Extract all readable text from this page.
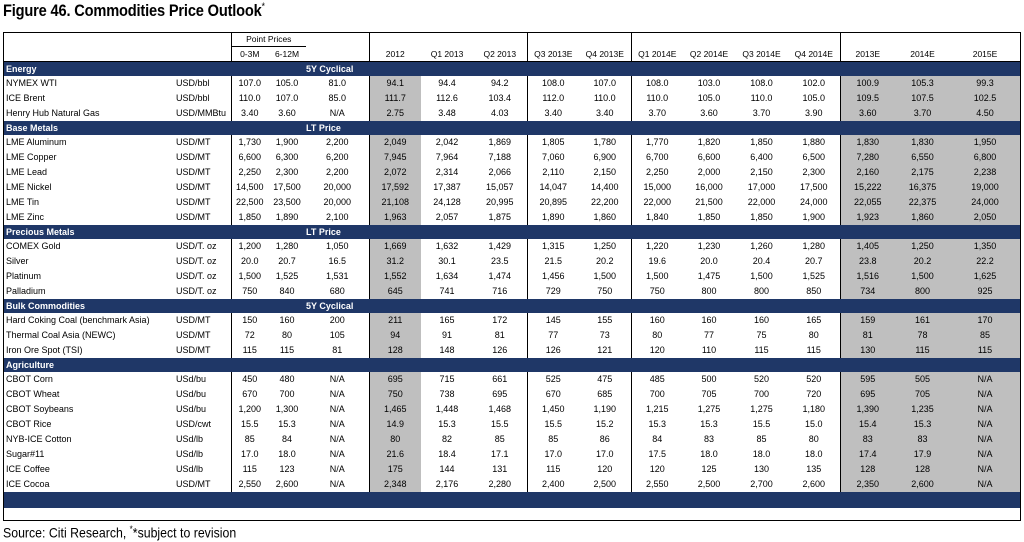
Figure 46. Commodities Price Outlook*
		Point Prices														
		0-3M	6-12M		2012	Q1 2013	Q2 2013	Q3 2013E	Q4 2013E	Q1 2014E	Q2 2014E	Q3 2014E	Q4 2014E	2013E	2014E	2015E
Energy				5Y Cyclical												
NYMEX WTI	USD/bbl	107.0	105.0	81.0	94.1	94.4	94.2	108.0	107.0	108.0	103.0	108.0	102.0	100.9	105.3	99.3
ICE Brent	USD/bbl	110.0	107.0	85.0	111.7	112.6	103.4	112.0	110.0	110.0	105.0	110.0	105.0	109.5	107.5	102.5
Henry Hub Natural Gas	USD/MMBtu	3.40	3.60	N/A	2.75	3.48	4.03	3.40	3.40	3.70	3.60	3.70	3.90	3.60	3.70	4.50
Base Metals				LT Price												
LME Aluminum	USD/MT	1,730	1,900	2,200	2,049	2,042	1,869	1,805	1,780	1,770	1,820	1,850	1,880	1,830	1,830	1,950
LME Copper	USD/MT	6,600	6,300	6,200	7,945	7,964	7,188	7,060	6,900	6,700	6,600	6,400	6,500	7,280	6,550	6,800
LME Lead	USD/MT	2,250	2,300	2,200	2,072	2,314	2,066	2,110	2,150	2,250	2,000	2,150	2,300	2,160	2,175	2,238
LME Nickel	USD/MT	14,500	17,500	20,000	17,592	17,387	15,057	14,047	14,400	15,000	16,000	17,000	17,500	15,222	16,375	19,000
LME Tin	USD/MT	22,500	23,500	20,000	21,108	24,128	20,995	20,895	22,200	22,000	21,500	22,000	24,000	22,055	22,375	24,000
LME Zinc	USD/MT	1,850	1,890	2,100	1,963	2,057	1,875	1,890	1,860	1,840	1,850	1,850	1,900	1,923	1,860	2,050
Precious Metals				LT Price												
COMEX Gold	USD/T. oz	1,200	1,280	1,050	1,669	1,632	1,429	1,315	1,250	1,220	1,230	1,260	1,280	1,405	1,250	1,350
Silver	USD/T. oz	20.0	20.7	16.5	31.2	30.1	23.5	21.5	20.2	19.6	20.0	20.4	20.7	23.8	20.2	22.2
Platinum	USD/T. oz	1,500	1,525	1,531	1,552	1,634	1,474	1,456	1,500	1,500	1,475	1,500	1,525	1,516	1,500	1,625
Palladium	USD/T. oz	750	840	680	645	741	716	729	750	750	800	800	850	734	800	925
Bulk Commodities				5Y Cyclical												
Hard Coking Coal (benchmark Asia)	USD/MT	150	160	200	211	165	172	145	155	160	160	160	165	159	161	170
Thermal Coal Asia (NEWC)	USD/MT	72	80	105	94	91	81	77	73	80	77	75	80	81	78	85
Iron Ore Spot (TSI)	USD/MT	115	115	81	128	148	126	126	121	120	110	115	115	130	115	115
Agriculture																
CBOT Corn	USd/bu	450	480	N/A	695	715	661	525	475	485	500	520	520	595	505	N/A
CBOT Wheat	USd/bu	670	700	N/A	750	738	695	670	685	700	705	700	720	695	705	N/A
CBOT Soybeans	USd/bu	1,200	1,300	N/A	1,465	1,448	1,468	1,450	1,190	1,215	1,275	1,275	1,180	1,390	1,235	N/A
CBOT Rice	USD/cwt	15.5	15.3	N/A	14.9	15.3	15.5	15.5	15.2	15.3	15.3	15.5	15.0	15.4	15.3	N/A
NYB-ICE Cotton	USd/lb	85	84	N/A	80	82	85	85	86	84	83	85	80	83	83	N/A
Sugar#11	USd/lb	17.0	18.0	N/A	21.6	18.4	17.1	17.0	17.0	17.5	18.0	18.0	18.0	17.4	17.9	N/A
ICE Coffee	USd/lb	115	123	N/A	175	144	131	115	120	120	125	130	135	128	128	N/A
ICE Cocoa	USD/MT	2,550	2,600	N/A	2,348	2,176	2,280	2,400	2,500	2,550	2,500	2,700	2,600	2,350	2,600	N/A

Source: Citi Research, **subject to revision
